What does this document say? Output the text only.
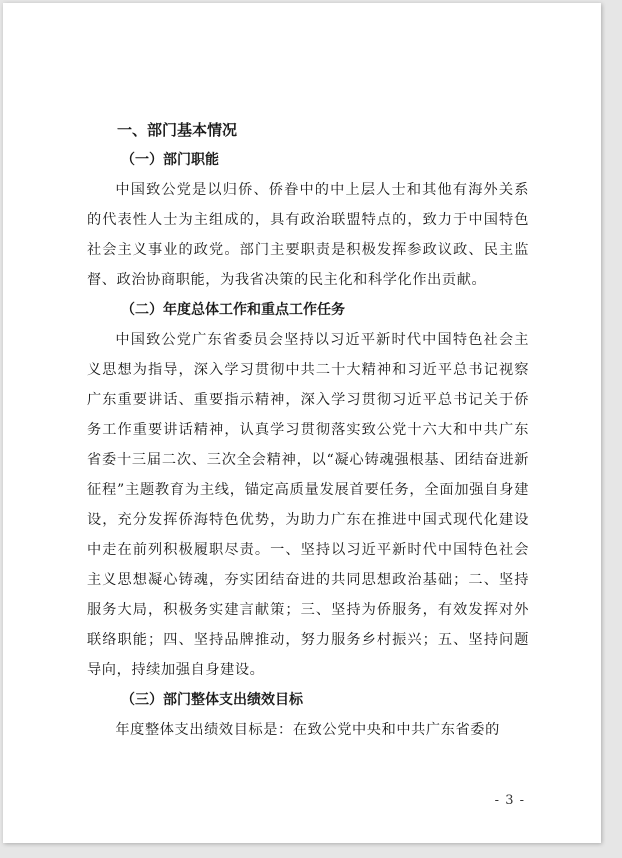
一、部门基本情况

（一）部门职能

中国致公党是以归侨、侨眷中的中上层人士和其他有海外关系的代表性人士为主组成的，具有政治联盟特点的，致力于中国特色社会主义事业的政党。部门主要职责是积极发挥参政议政、民主监督、政治协商职能，为我省决策的民主化和科学化作出贡献。

（二）年度总体工作和重点工作任务

中国致公党广东省委员会坚持以习近平新时代中国特色社会主义思想为指导，深入学习贯彻中共二十大精神和习近平总书记视察广东重要讲话、重要指示精神，深入学习贯彻习近平总书记关于侨务工作重要讲话精神，认真学习贯彻落实致公党十六大和中共广东省委十三届二次、三次全会精神，以“凝心铸魂强根基、团结奋进新征程”主题教育为主线，锚定高质量发展首要任务，全面加强自身建设，充分发挥侨海特色优势，为助力广东在推进中国式现代化建设中走在前列积极履职尽责。一、坚持以习近平新时代中国特色社会主义思想凝心铸魂，夯实团结奋进的共同思想政治基础；二、坚持服务大局，积极务实建言献策；三、坚持为侨服务，有效发挥对外联络职能；四、坚持品牌推动，努力服务乡村振兴；五、坚持问题导向，持续加强自身建设。

（三）部门整体支出绩效目标

年度整体支出绩效目标是：在致公党中央和中共广东省委的

- 3 -
